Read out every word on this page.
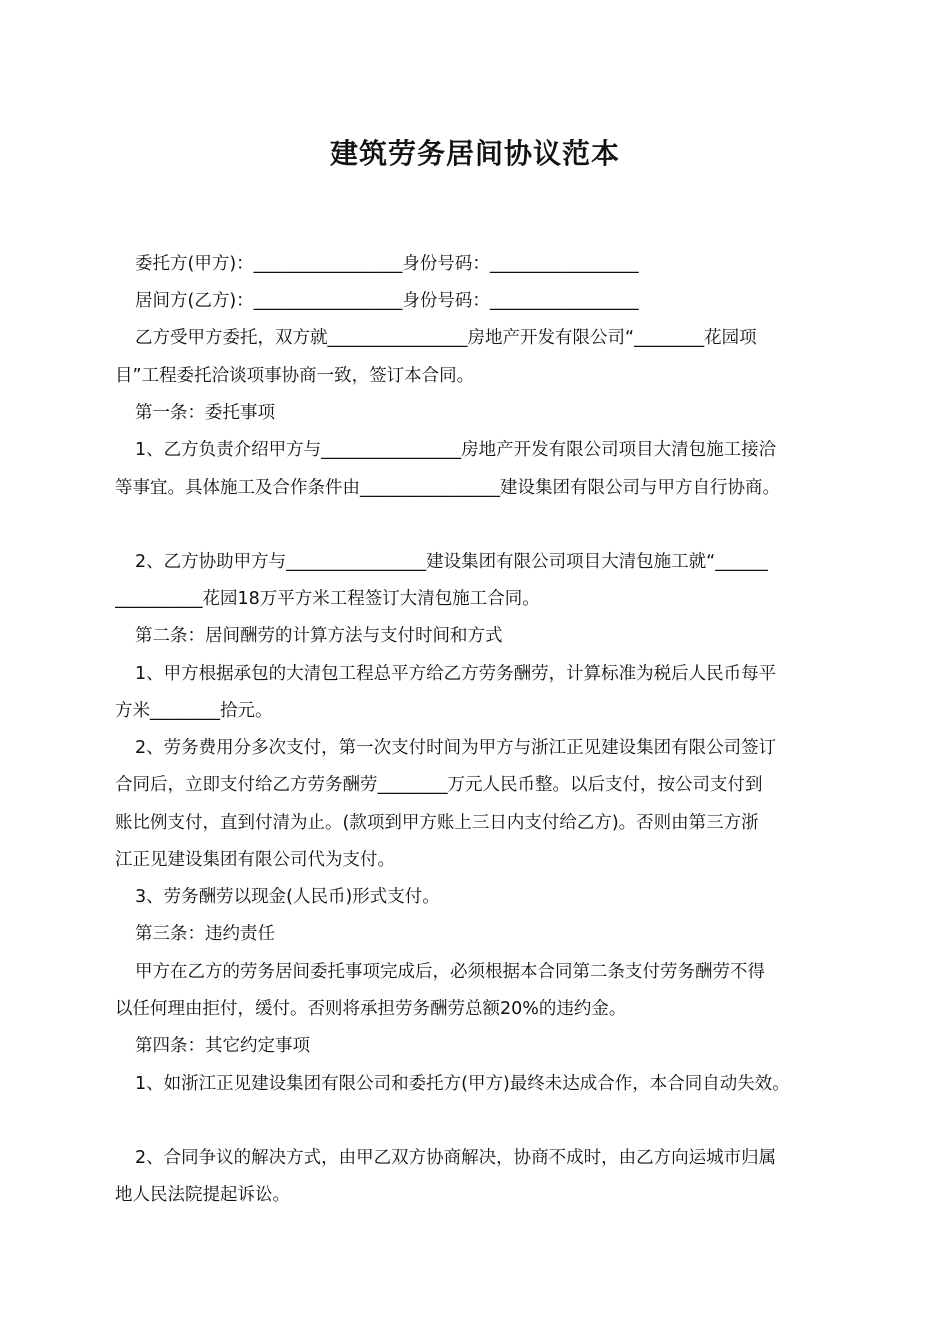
建筑劳务居间协议范本
委托方(甲方)：_________________身份号码：_________________
居间方(乙方)：_________________身份号码：_________________
乙方受甲方委托，双方就________________房地产开发有限公司“________花园项
目”工程委托洽谈项事协商一致，签订本合同。
第一条：委托事项
1、乙方负责介绍甲方与________________房地产开发有限公司项目大清包施工接洽
等事宜。具体施工及合作条件由________________建设集团有限公司与甲方自行协商。
2、乙方协助甲方与________________建设集团有限公司项目大清包施工就“______
__________花园18万平方米工程签订大清包施工合同。
第二条：居间酬劳的计算方法与支付时间和方式
1、甲方根据承包的大清包工程总平方给乙方劳务酬劳，计算标准为税后人民币每平
方米________拾元。
2、劳务费用分多次支付，第一次支付时间为甲方与浙江正见建设集团有限公司签订
合同后，立即支付给乙方劳务酬劳________万元人民币整。以后支付，按公司支付到
账比例支付，直到付清为止。(款项到甲方账上三日内支付给乙方)。否则由第三方浙
江正见建设集团有限公司代为支付。
3、劳务酬劳以现金(人民币)形式支付。
第三条：违约责任
甲方在乙方的劳务居间委托事项完成后，必须根据本合同第二条支付劳务酬劳不得
以任何理由拒付，缓付。否则将承担劳务酬劳总额20%的违约金。
第四条：其它约定事项
1、如浙江正见建设集团有限公司和委托方(甲方)最终未达成合作，本合同自动失效。
2、合同争议的解决方式，由甲乙双方协商解决，协商不成时，由乙方向运城市归属
地人民法院提起诉讼。
